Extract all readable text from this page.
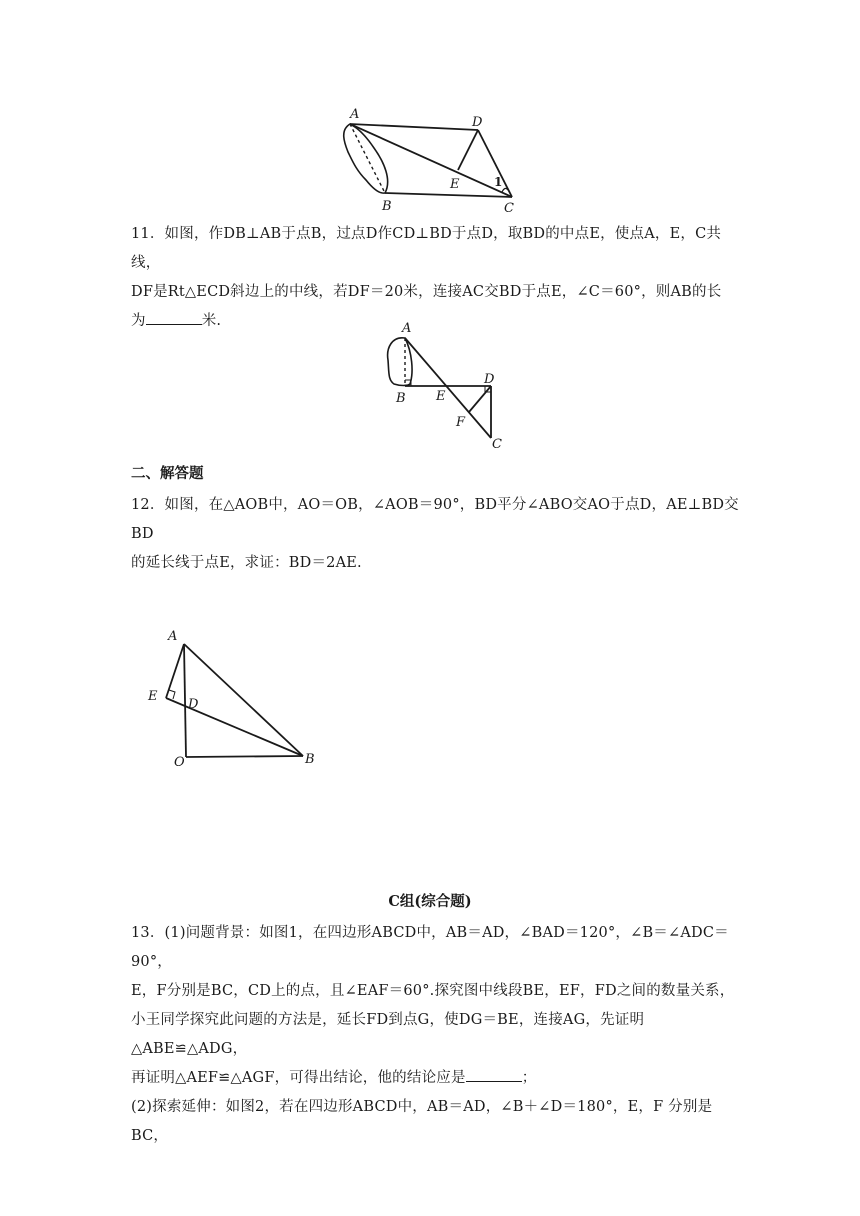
A
B	C
D
E	1

11．如图，作DB⊥AB于点B，过点D作CD⊥BD于点D，取BD的中点E，使点A，E，C共线，

DF是Rt△ECD斜边上的中线，若DF＝20米，连接AC交BD于点E，∠C＝60°，则AB的长

为	米.	A
B
C
D
E
F
二、解答题

12．如图，在△AOB中，AO＝OB，∠AOB＝90°，BD平分∠ABO交AO于点D，AE⊥BD交BD

的延长线于点E，求证：BD＝2AE.

A
B
D
E
O
C组(综合题)

13．(1)问题背景：如图1，在四边形ABCD中，AB＝AD，∠BAD＝120°，∠B＝∠ADC＝90°，

E，F分别是BC，CD上的点，且∠EAF＝60°.探究图中线段BE，EF，FD之间的数量关系，

小王同学探究此问题的方法是，延长FD到点G，使DG＝BE，连接AG，先证明△ABE≌△ADG，

再证明△AEF≌△AGF，可得出结论，他的结论应是	；

(2)探索延伸：如图2，若在四边形ABCD中，AB＝AD，∠B＋∠D＝180°，E，F 分别是BC，
